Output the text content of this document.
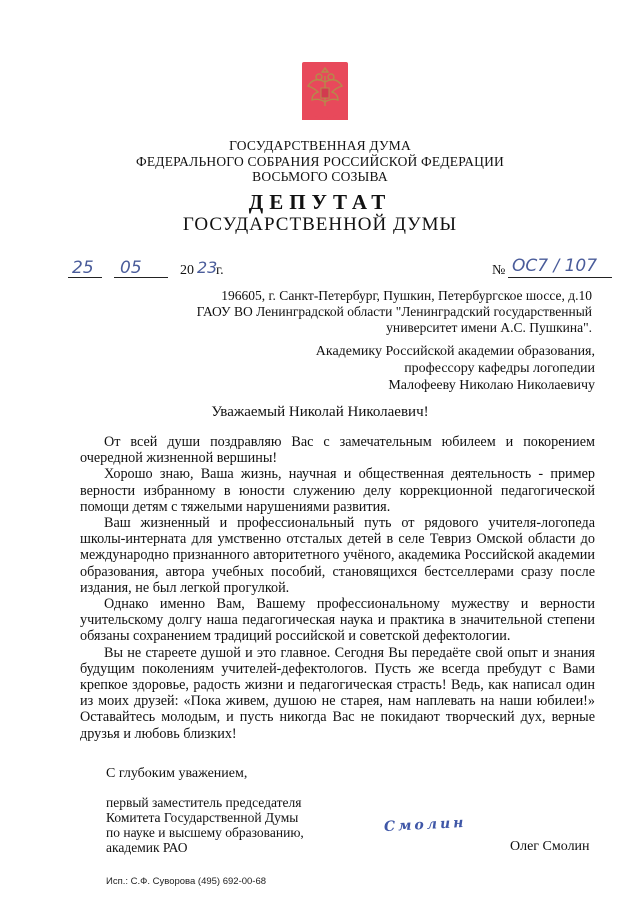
ГОСУДАРСТВЕННАЯ ДУМА
ФЕДЕРАЛЬНОГО СОБРАНИЯ РОССИЙСКОЙ ФЕДЕРАЦИИ
ВОСЬМОГО СОЗЫВА
ДЕПУТАТ
ГОСУДАРСТВЕННОЙ ДУМЫ
25 05	20 23
г.	№ ОС7 / 107
196605, г. Санкт-Петербург, Пушкин, Петербургское шоссе, д.10
ГАОУ ВО Ленинградской области "Ленинградский государственный
университет имени А.С. Пушкина".
Академику Российской академии образования,
профессору кафедры логопедии
Малофееву Николаю Николаевичу
Уважаемый Николай Николаевич!

От всей души поздравляю Вас с замечательным юбилеем и покорением очередной жизненной вершины!

Хорошо знаю, Ваша жизнь, научная и общественная деятельность - пример верности избранному в юности служению делу коррекционной педагогической помощи детям с тяжелыми нарушениями развития.

Ваш жизненный и профессиональный путь от рядового учителя-логопеда школы-интерната для умственно отсталых детей в селе Тевриз Омской области до международно признанного авторитетного учёного, академика Российской академии образования, автора учебных пособий, становящихся бестселлерами сразу после издания, не был легкой прогулкой.

Однако именно Вам, Вашему профессиональному мужеству и верности учительскому долгу наша педагогическая наука и практика в значительной степени обязаны сохранением традиций российской и советской дефектологии.

Вы не стареете душой и это главное. Сегодня Вы передаёте свой опыт и знания будущим поколениям учителей-дефектологов. Пусть же всегда пребудут с Вами крепкое здоровье, радость жизни и педагогическая страсть! Ведь, как написал один из моих друзей: «Пока живем, душою не старея, нам наплевать на наши юбилеи!» Оставайтесь молодым, и пусть никогда Вас не покидают творческий дух, верные друзья и любовь близких!

С глубоким уважением,
первый заместитель председателя
Комитета Государственной Думы
по науке и высшему образованию,
академик РАО
Смолин
Олег Смолин
Исп.: С.Ф. Суворова (495) 692-00-68
